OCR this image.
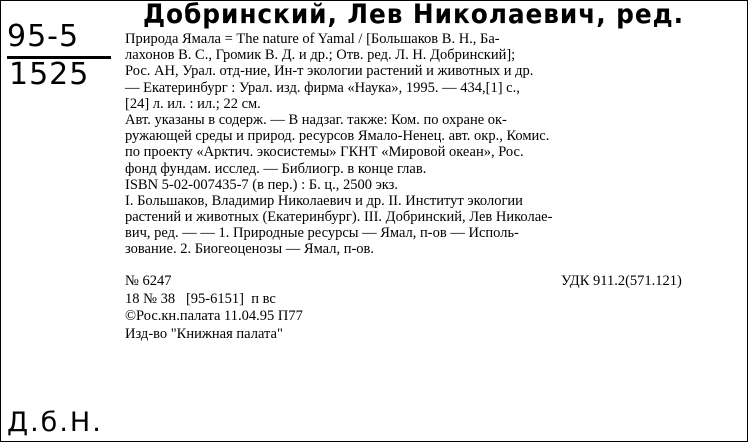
Добринский, Лев Николаевич, ред.
95-5
1525
Природа Ямала = The nature of Yamal / [Большаков В. Н., Ба-
лахонов В. С., Громик В. Д. и др.; Отв. ред. Л. Н. Добринский];
Рос. АН, Урал. отд-ние, Ин-т экологии растений и животных и др.
— Екатеринбург : Урал. изд. фирма «Наука», 1995. — 434,[1] с.,
[24] л. ил. : ил.; 22 см.
Авт. указаны в содерж. — В надзаг. также: Ком. по охране ок-
ружающей среды и природ. ресурсов Ямало-Ненец. авт. окр., Комис.
по проекту «Арктич. экосистемы» ГКНТ «Мировой океан», Рос.
фонд фундам. исслед. — Библиогр. в конце глав.
ISBN 5-02-007435-7 (в пер.) : Б. ц., 2500 экз.
I. Большаков, Владимир Николаевич и др. II. Институт экологии
растений и животных (Екатеринбург). III. Добринский, Лев Николае-
вич, ред. — — 1. Природные ресурсы — Ямал, п-ов — Исполь-
зование. 2. Биогеоценозы — Ямал, п-ов.
№ 6247
18 № 38   [95-6151]  п вс
©Рос.кн.палата 11.04.95 П77
Изд-во "Книжная палата"
УДК 911.2(571.121)
Д.б.Н.
